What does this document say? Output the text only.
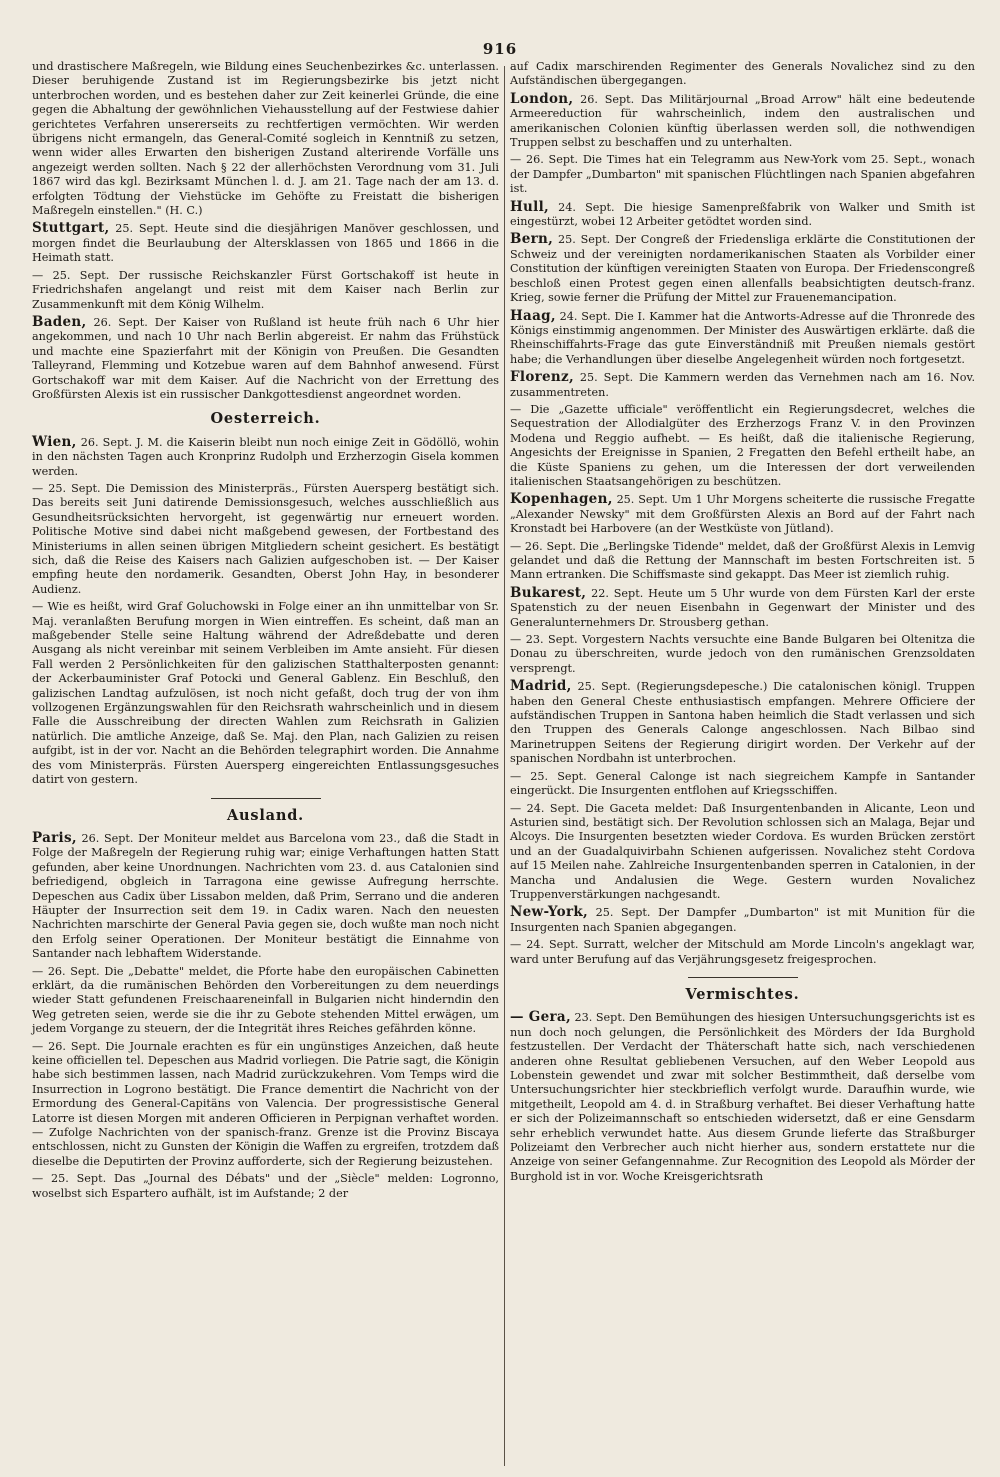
916

und drastischere Maßregeln, wie Bildung eines Seuchenbezirkes &c. unterlassen. Dieser beruhigende Zustand ist im Regierungsbezirke bis jetzt nicht unterbrochen worden, und es bestehen daher zur Zeit keinerlei Gründe, die eine gegen die Abhaltung der gewöhnlichen Viehausstellung auf der Festwiese dahier gerichtetes Verfahren unsererseits zu rechtfertigen vermöchten. Wir werden übrigens nicht ermangeln, das General-Comité sogleich in Kenntniß zu setzen, wenn wider alles Erwarten den bisherigen Zustand alterirende Vorfälle uns angezeigt werden sollten. Nach § 22 der allerhöchsten Verordnung vom 31. Juli 1867 wird das kgl. Bezirksamt München l. d. J. am 21. Tage nach der am 13. d. erfolgten Tödtung der Viehstücke im Gehöfte zu Freistatt die bisherigen Maßregeln einstellen." (H. C.)

Stuttgart, 25. Sept. Heute sind die diesjährigen Manöver geschlossen, und morgen findet die Beurlaubung der Altersklassen von 1865 und 1866 in die Heimath statt.

— 25. Sept. Der russische Reichskanzler Fürst Gortschakoff ist heute in Friedrichshafen angelangt und reist mit dem Kaiser nach Berlin zur Zusammenkunft mit dem König Wilhelm.

Baden, 26. Sept. Der Kaiser von Rußland ist heute früh nach 6 Uhr hier angekommen, und nach 10 Uhr nach Berlin abgereist. Er nahm das Frühstück und machte eine Spazierfahrt mit der Königin von Preußen. Die Gesandten Talleyrand, Flemming und Kotzebue waren auf dem Bahnhof anwesend. Fürst Gortschakoff war mit dem Kaiser. Auf die Nachricht von der Errettung des Großfürsten Alexis ist ein russischer Dankgottesdienst angeordnet worden.

Oesterreich.

Wien, 26. Sept. J. M. die Kaiserin bleibt nun noch einige Zeit in Gödöllö, wohin in den nächsten Tagen auch Kronprinz Rudolph und Erzherzogin Gisela kommen werden.

— 25. Sept. Die Demission des Ministerpräs., Fürsten Auersperg bestätigt sich. Das bereits seit Juni datirende Demissionsgesuch, welches ausschließlich aus Gesundheitsrücksichten hervorgeht, ist gegenwärtig nur erneuert worden. Politische Motive sind dabei nicht maßgebend gewesen, der Fortbestand des Ministeriums in allen seinen übrigen Mitgliedern scheint gesichert. Es bestätigt sich, daß die Reise des Kaisers nach Galizien aufgeschoben ist. — Der Kaiser empfing heute den nordamerik. Gesandten, Oberst John Hay, in besonderer Audienz.

— Wie es heißt, wird Graf Goluchowski in Folge einer an ihn unmittelbar von Sr. Maj. veranlaßten Berufung morgen in Wien eintreffen. Es scheint, daß man an maßgebender Stelle seine Haltung während der Adreßdebatte und deren Ausgang als nicht vereinbar mit seinem Verbleiben im Amte ansieht. Für diesen Fall werden 2 Persönlichkeiten für den galizischen Statthalterposten genannt: der Ackerbauminister Graf Potocki und General Gablenz. Ein Beschluß, den galizischen Landtag aufzulösen, ist noch nicht gefaßt, doch trug der von ihm vollzogenen Ergänzungswahlen für den Reichsrath wahrscheinlich und in diesem Falle die Ausschreibung der directen Wahlen zum Reichsrath in Galizien natürlich. Die amtliche Anzeige, daß Se. Maj. den Plan, nach Galizien zu reisen aufgibt, ist in der vor. Nacht an die Behörden telegraphirt worden. Die Annahme des vom Ministerpräs. Fürsten Auersperg eingereichten Entlassungsgesuches datirt von gestern.

Ausland.

Paris, 26. Sept. Der Moniteur meldet aus Barcelona vom 23., daß die Stadt in Folge der Maßregeln der Regierung ruhig war; einige Verhaftungen hatten Statt gefunden, aber keine Unordnungen. Nachrichten vom 23. d. aus Catalonien sind befriedigend, obgleich in Tarragona eine gewisse Aufregung herrschte. Depeschen aus Cadix über Lissabon melden, daß Prim, Serrano und die anderen Häupter der Insurrection seit dem 19. in Cadix waren. Nach den neuesten Nachrichten marschirte der General Pavia gegen sie, doch wußte man noch nicht den Erfolg seiner Operationen. Der Moniteur bestätigt die Einnahme von Santander nach lebhaftem Widerstande.

— 26. Sept. Die „Debatte" meldet, die Pforte habe den europäischen Cabinetten erklärt, da die rumänischen Behörden den Vorbereitungen zu dem neuerdings wieder Statt gefundenen Freischaareneinfall in Bulgarien nicht hinderndin den Weg getreten seien, werde sie die ihr zu Gebote stehenden Mittel erwägen, um jedem Vorgange zu steuern, der die Integrität ihres Reiches gefährden könne.

— 26. Sept. Die Journale erachten es für ein ungünstiges Anzeichen, daß heute keine officiellen tel. Depeschen aus Madrid vorliegen. Die Patrie sagt, die Königin habe sich bestimmen lassen, nach Madrid zurückzukehren. Vom Temps wird die Insurrection in Logrono bestätigt. Die France dementirt die Nachricht von der Ermordung des General-Capitäns von Valencia. Der progressistische General Latorre ist diesen Morgen mit anderen Officieren in Perpignan verhaftet worden. — Zufolge Nachrichten von der spanisch-franz. Grenze ist die Provinz Biscaya entschlossen, nicht zu Gunsten der Königin die Waffen zu ergreifen, trotzdem daß dieselbe die Deputirten der Provinz aufforderte, sich der Regierung beizustehen.

— 25. Sept. Das „Journal des Débats" und der „Siècle" melden: Logronno, woselbst sich Espartero aufhält, ist im Aufstande; 2 der

auf Cadix marschirenden Regimenter des Generals Novalichez sind zu den Aufständischen übergegangen.

London, 26. Sept. Das Militärjournal „Broad Arrow" hält eine bedeutende Armeereduction für wahrscheinlich, indem den australischen und amerikanischen Colonien künftig überlassen werden soll, die nothwendigen Truppen selbst zu beschaffen und zu unterhalten.

— 26. Sept. Die Times hat ein Telegramm aus New-York vom 25. Sept., wonach der Dampfer „Dumbarton" mit spanischen Flüchtlingen nach Spanien abgefahren ist.

Hull, 24. Sept. Die hiesige Samenpreßfabrik von Walker und Smith ist eingestürzt, wobei 12 Arbeiter getödtet worden sind.

Bern, 25. Sept. Der Congreß der Friedensliga erklärte die Constitutionen der Schweiz und der vereinigten nordamerikanischen Staaten als Vorbilder einer Constitution der künftigen vereinigten Staaten von Europa. Der Friedenscongreß beschloß einen Protest gegen einen allenfalls beabsichtigten deutsch-franz. Krieg, sowie ferner die Prüfung der Mittel zur Frauenemancipation.

Haag, 24. Sept. Die I. Kammer hat die Antworts-Adresse auf die Thronrede des Königs einstimmig angenommen. Der Minister des Auswärtigen erklärte. daß die Rheinschiffahrts-Frage das gute Einverständniß mit Preußen niemals gestört habe; die Verhandlungen über dieselbe Angelegenheit würden noch fortgesetzt.

Florenz, 25. Sept. Die Kammern werden das Vernehmen nach am 16. Nov. zusammentreten.

— Die „Gazette ufficiale" veröffentlicht ein Regierungsdecret, welches die Sequestration der Allodialgüter des Erzherzogs Franz V. in den Provinzen Modena und Reggio aufhebt. — Es heißt, daß die italienische Regierung, Angesichts der Ereignisse in Spanien, 2 Fregatten den Befehl ertheilt habe, an die Küste Spaniens zu gehen, um die Interessen der dort verweilenden italienischen Staatsangehörigen zu beschützen.

Kopenhagen, 25. Sept. Um 1 Uhr Morgens scheiterte die russische Fregatte „Alexander Newsky" mit dem Großfürsten Alexis an Bord auf der Fahrt nach Kronstadt bei Harbovere (an der Westküste von Jütland).

— 26. Sept. Die „Berlingske Tidende" meldet, daß der Großfürst Alexis in Lemvig gelandet und daß die Rettung der Mannschaft im besten Fortschreiten ist. 5 Mann ertranken. Die Schiffsmaste sind gekappt. Das Meer ist ziemlich ruhig.

Bukarest, 22. Sept. Heute um 5 Uhr wurde von dem Fürsten Karl der erste Spatenstich zu der neuen Eisenbahn in Gegenwart der Minister und des Generalunternehmers Dr. Strousberg gethan.

— 23. Sept. Vorgestern Nachts versuchte eine Bande Bulgaren bei Oltenitza die Donau zu überschreiten, wurde jedoch von den rumänischen Grenzsoldaten versprengt.

Madrid, 25. Sept. (Regierungsdepesche.) Die catalonischen königl. Truppen haben den General Cheste enthusiastisch empfangen. Mehrere Officiere der aufständischen Truppen in Santona haben heimlich die Stadt verlassen und sich den Truppen des Generals Calonge angeschlossen. Nach Bilbao sind Marinetruppen Seitens der Regierung dirigirt worden. Der Verkehr auf der spanischen Nordbahn ist unterbrochen.

— 25. Sept. General Calonge ist nach siegreichem Kampfe in Santander eingerückt. Die Insurgenten entflohen auf Kriegsschiffen.

— 24. Sept. Die Gaceta meldet: Daß Insurgentenbanden in Alicante, Leon und Asturien sind, bestätigt sich. Der Revolution schlossen sich an Malaga, Bejar und Alcoys. Die Insurgenten besetzten wieder Cordova. Es wurden Brücken zerstört und an der Guadalquivirbahn Schienen aufgerissen. Novalichez steht Cordova auf 15 Meilen nahe. Zahlreiche Insurgentenbanden sperren in Catalonien, in der Mancha und Andalusien die Wege. Gestern wurden Novalichez Truppenverstärkungen nachgesandt.

New-York, 25. Sept. Der Dampfer „Dumbarton" ist mit Munition für die Insurgenten nach Spanien abgegangen.

— 24. Sept. Surratt, welcher der Mitschuld am Morde Lincoln's angeklagt war, ward unter Berufung auf das Verjährungsgesetz freigesprochen.

Vermischtes.

— Gera, 23. Sept. Den Bemühungen des hiesigen Untersuchungsgerichts ist es nun doch noch gelungen, die Persönlichkeit des Mörders der Ida Burghold festzustellen. Der Verdacht der Thäterschaft hatte sich, nach verschiedenen anderen ohne Resultat gebliebenen Versuchen, auf den Weber Leopold aus Lobenstein gewendet und zwar mit solcher Bestimmtheit, daß derselbe vom Untersuchungsrichter hier steckbrieflich verfolgt wurde. Daraufhin wurde, wie mitgetheilt, Leopold am 4. d. in Straßburg verhaftet. Bei dieser Verhaftung hatte er sich der Polizeimannschaft so entschieden widersetzt, daß er eine Gensdarm sehr erheblich verwundet hatte. Aus diesem Grunde lieferte das Straßburger Polizeiamt den Verbrecher auch nicht hierher aus, sondern erstattete nur die Anzeige von seiner Gefangennahme. Zur Recognition des Leopold als Mörder der Burghold ist in vor. Woche Kreisgerichtsrath
